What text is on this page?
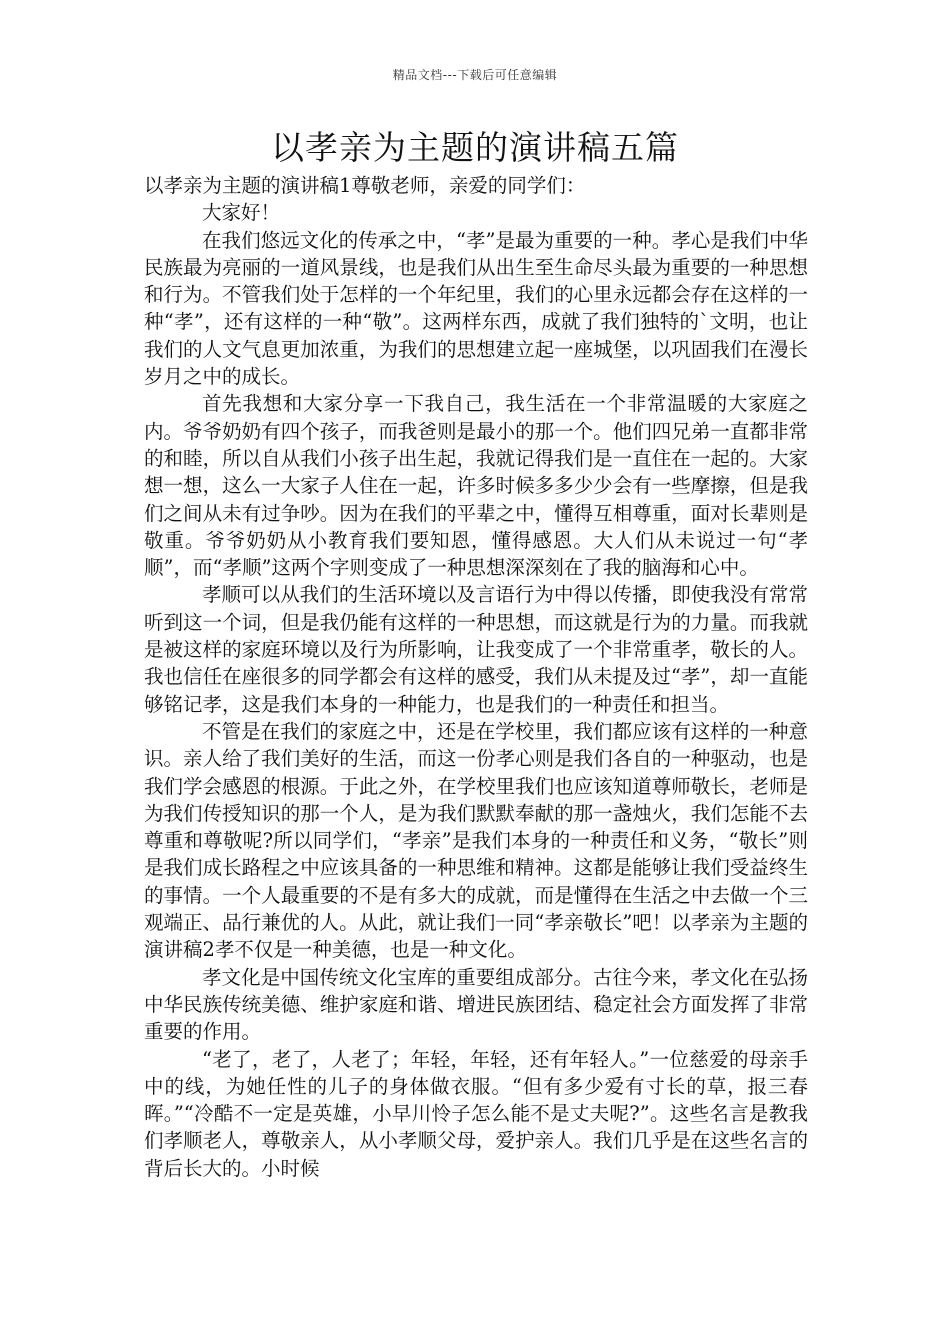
精品文档---下载后可任意编辑
以孝亲为主题的演讲稿五篇

以孝亲为主题的演讲稿1尊敬老师，亲爱的同学们：

大家好！

在我们悠远文化的传承之中，“孝”是最为重要的一种。孝心是我们中华民族最为亮丽的一道风景线，也是我们从出生至生命尽头最为重要的一种思想和行为。不管我们处于怎样的一个年纪里，我们的心里永远都会存在这样的一种“孝”，还有这样的一种“敬”。这两样东西，成就了我们独特的`文明，也让我们的人文气息更加浓重，为我们的思想建立起一座城堡，以巩固我们在漫长岁月之中的成长。

首先我想和大家分享一下我自己，我生活在一个非常温暖的大家庭之内。爷爷奶奶有四个孩子，而我爸则是最小的那一个。他们四兄弟一直都非常的和睦，所以自从我们小孩子出生起，我就记得我们是一直住在一起的。大家想一想，这么一大家子人住在一起，许多时候多多少少会有一些摩擦，但是我们之间从未有过争吵。因为在我们的平辈之中，懂得互相尊重，面对长辈则是敬重。爷爷奶奶从小教育我们要知恩，懂得感恩。大人们从未说过一句“孝顺”，而“孝顺”这两个字则变成了一种思想深深刻在了我的脑海和心中。

孝顺可以从我们的生活环境以及言语行为中得以传播，即使我没有常常听到这一个词，但是我仍能有这样的一种思想，而这就是行为的力量。而我就是被这样的家庭环境以及行为所影响，让我变成了一个非常重孝，敬长的人。我也信任在座很多的同学都会有这样的感受，我们从未提及过“孝”，却一直能够铭记孝，这是我们本身的一种能力，也是我们的一种责任和担当。

不管是在我们的家庭之中，还是在学校里，我们都应该有这样的一种意识。亲人给了我们美好的生活，而这一份孝心则是我们各自的一种驱动，也是我们学会感恩的根源。于此之外，在学校里我们也应该知道尊师敬长，老师是为我们传授知识的那一个人，是为我们默默奉献的那一盏烛火，我们怎能不去尊重和尊敬呢?所以同学们，“孝亲”是我们本身的一种责任和义务，“敬长”则是我们成长路程之中应该具备的一种思维和精神。这都是能够让我们受益终生的事情。一个人最重要的不是有多大的成就，而是懂得在生活之中去做一个三观端正、品行兼优的人。从此，就让我们一同“孝亲敬长”吧！以孝亲为主题的演讲稿2孝不仅是一种美德，也是一种文化。

孝文化是中国传统文化宝库的重要组成部分。古往今来，孝文化在弘扬中华民族传统美德、维护家庭和谐、增进民族团结、稳定社会方面发挥了非常重要的作用。

“老了，老了，人老了；年轻，年轻，还有年轻人。”一位慈爱的母亲手中的线，为她任性的儿子的身体做衣服。“但有多少爱有寸长的草，报三春晖。”“冷酷不一定是英雄，小早川怜子怎么能不是丈夫呢?”。这些名言是教我们孝顺老人，尊敬亲人，从小孝顺父母，爱护亲人。我们几乎是在这些名言的背后长大的。小时候
